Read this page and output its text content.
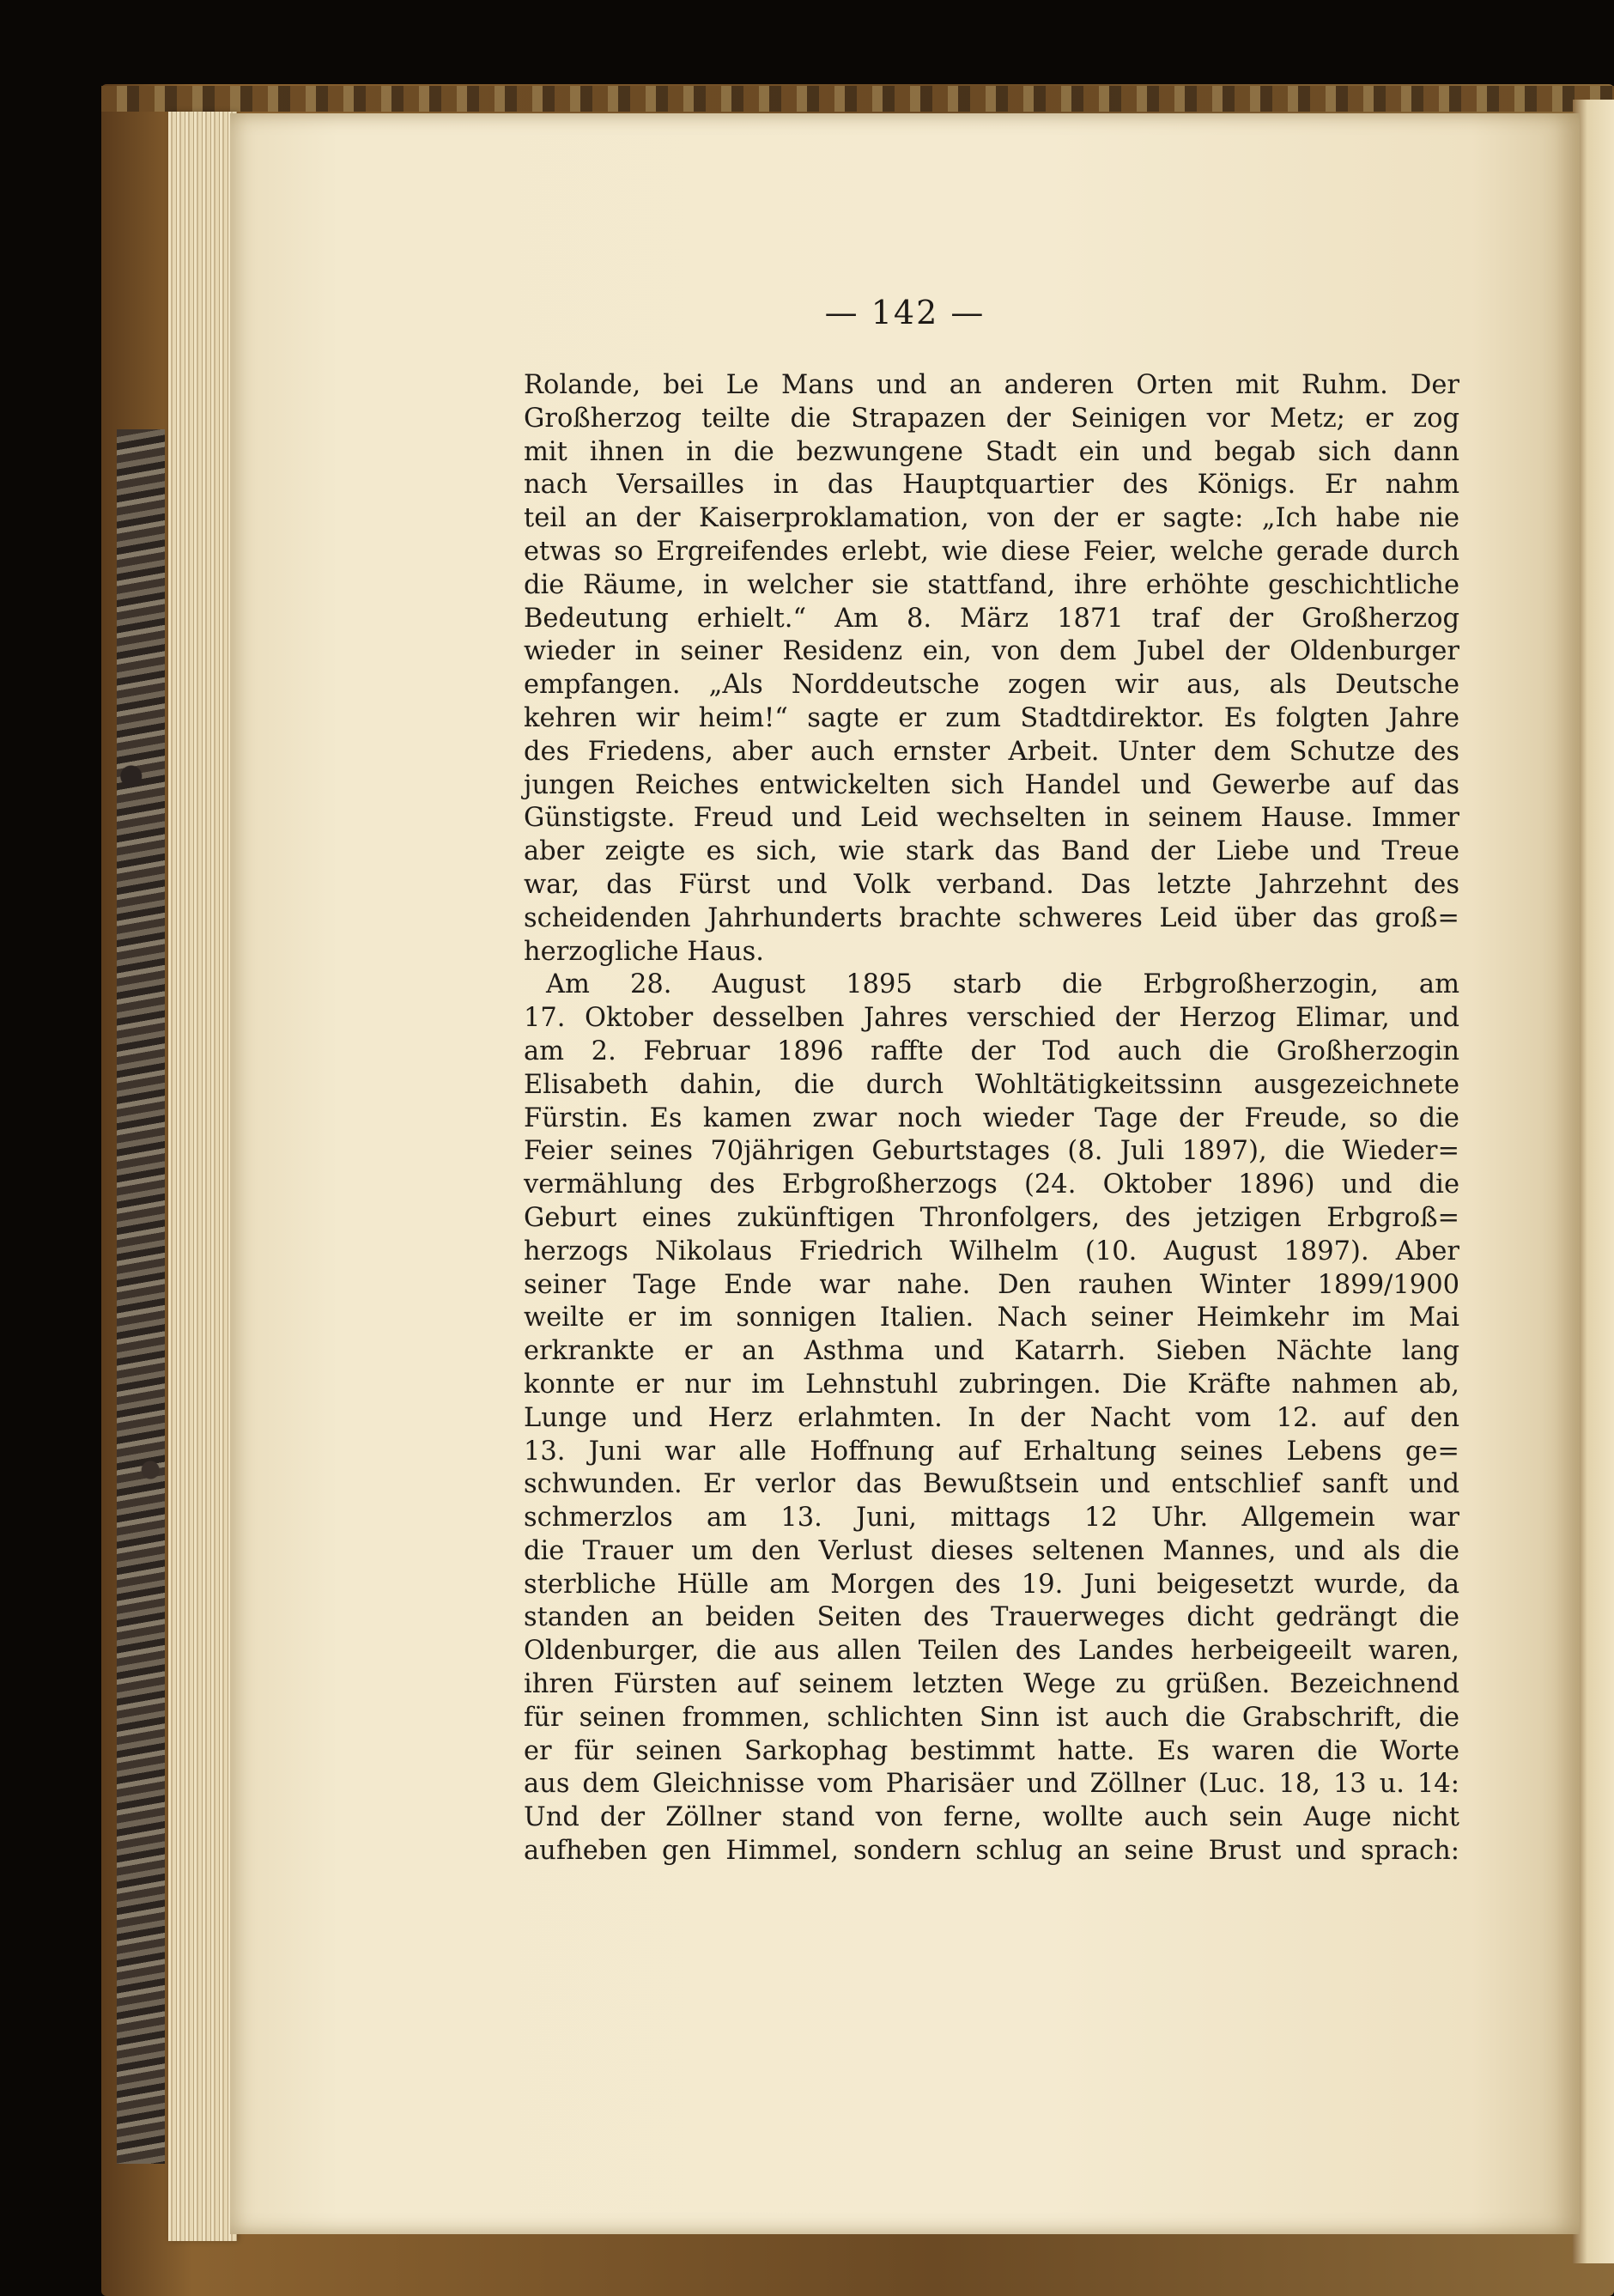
— 142 —
Rolande, bei Le Mans und an anderen Orten mit Ruhm. Der
Großherzog teilte die Strapazen der Seinigen vor Metz; er zog
mit ihnen in die bezwungene Stadt ein und begab sich dann
nach Versailles in das Hauptquartier des Königs. Er nahm
teil an der Kaiserproklamation, von der er sagte: „Ich habe nie
etwas so Ergreifendes erlebt, wie diese Feier, welche gerade durch
die Räume, in welcher sie stattfand, ihre erhöhte geschichtliche
Bedeutung erhielt.“ Am 8. März 1871 traf der Großherzog
wieder in seiner Residenz ein, von dem Jubel der Oldenburger
empfangen. „Als Norddeutsche zogen wir aus, als Deutsche
kehren wir heim!“ sagte er zum Stadtdirektor. Es folgten Jahre
des Friedens, aber auch ernster Arbeit. Unter dem Schutze des
jungen Reiches entwickelten sich Handel und Gewerbe auf das
Günstigste. Freud und Leid wechselten in seinem Hause. Immer
aber zeigte es sich, wie stark das Band der Liebe und Treue
war, das Fürst und Volk verband. Das letzte Jahrzehnt des
scheidenden Jahrhunderts brachte schweres Leid über das groß=
herzogliche Haus.
Am 28. August 1895 starb die Erbgroßherzogin, am
17. Oktober desselben Jahres verschied der Herzog Elimar, und
am 2. Februar 1896 raffte der Tod auch die Großherzogin
Elisabeth dahin, die durch Wohltätigkeitssinn ausgezeichnete
Fürstin. Es kamen zwar noch wieder Tage der Freude, so die
Feier seines 70jährigen Geburtstages (8. Juli 1897), die Wieder=
vermählung des Erbgroßherzogs (24. Oktober 1896) und die
Geburt eines zukünftigen Thronfolgers, des jetzigen Erbgroß=
herzogs Nikolaus Friedrich Wilhelm (10. August 1897). Aber
seiner Tage Ende war nahe. Den rauhen Winter 1899/1900
weilte er im sonnigen Italien. Nach seiner Heimkehr im Mai
erkrankte er an Asthma und Katarrh. Sieben Nächte lang
konnte er nur im Lehnstuhl zubringen. Die Kräfte nahmen ab,
Lunge und Herz erlahmten. In der Nacht vom 12. auf den
13. Juni war alle Hoffnung auf Erhaltung seines Lebens ge=
schwunden. Er verlor das Bewußtsein und entschlief sanft und
schmerzlos am 13. Juni, mittags 12 Uhr. Allgemein war
die Trauer um den Verlust dieses seltenen Mannes, und als die
sterbliche Hülle am Morgen des 19. Juni beigesetzt wurde, da
standen an beiden Seiten des Trauerweges dicht gedrängt die
Oldenburger, die aus allen Teilen des Landes herbeigeeilt waren,
ihren Fürsten auf seinem letzten Wege zu grüßen. Bezeichnend
für seinen frommen, schlichten Sinn ist auch die Grabschrift, die
er für seinen Sarkophag bestimmt hatte. Es waren die Worte
aus dem Gleichnisse vom Pharisäer und Zöllner (Luc. 18, 13 u. 14:
Und der Zöllner stand von ferne, wollte auch sein Auge nicht
aufheben gen Himmel, sondern schlug an seine Brust und sprach:
